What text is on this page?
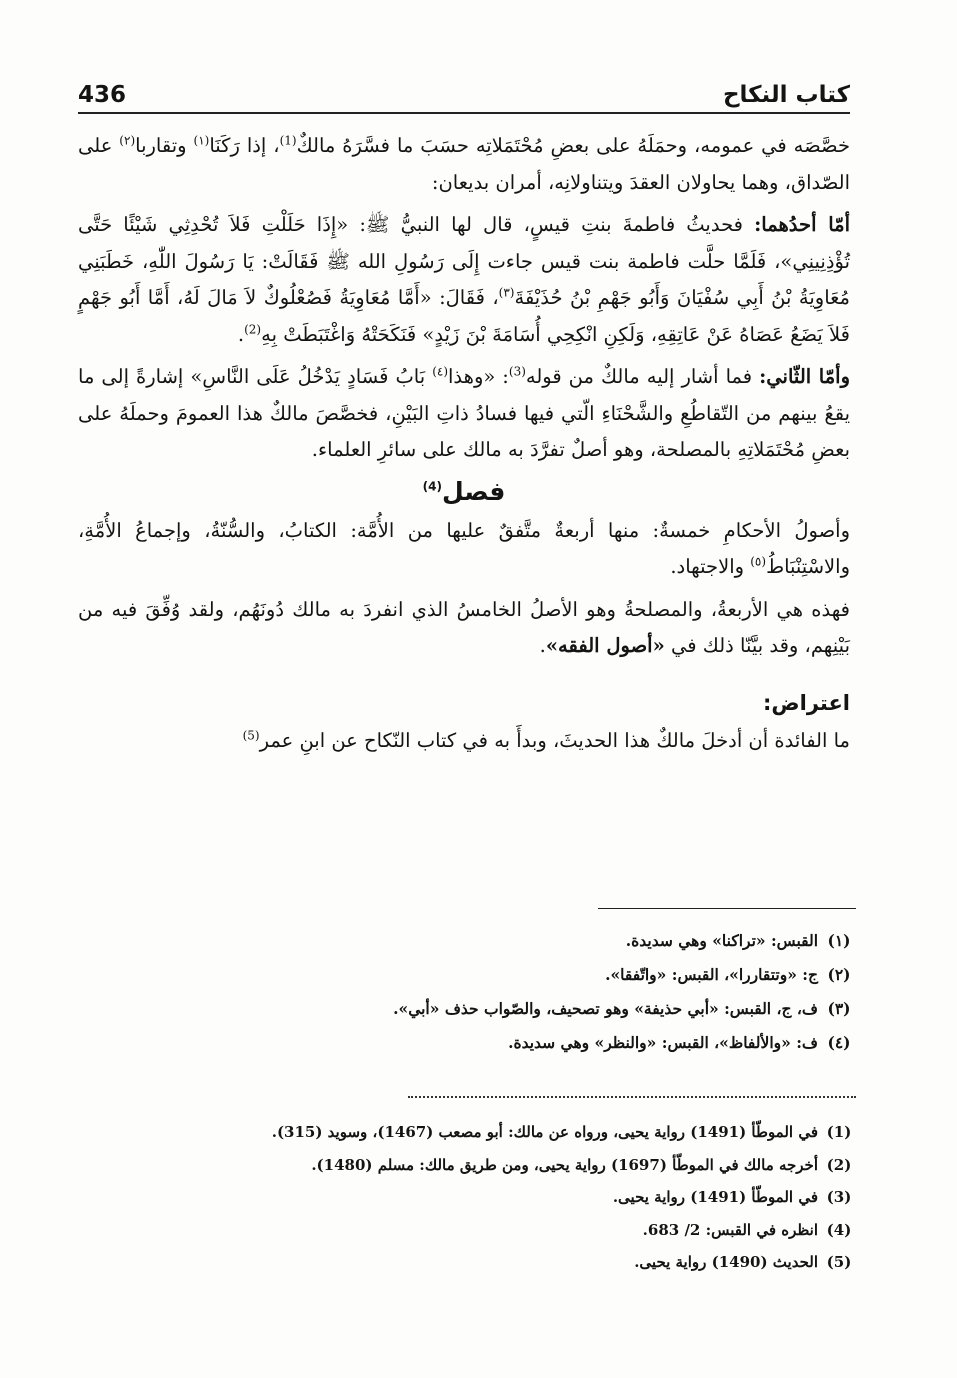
كتاب النكاح
436

خصَّصَه في عمومه، وحمَلَهُ على بعضِ مُحْتَمَلاتِه حسَبَ ما فسَّرَهُ مالكٌ$^{(1)}$، إذا رَكَنَا$^{(١)}$ وتقاربا$^{(٢)}$ على الصّداق، وهما يحاولان العقدَ ويتناولانِه، أمران بديعان:

أمّا أحدُهما: فحديثُ فاطمةَ بنتِ قيسٍ، قال لها النبيُّ ﷺ: «إِذَا حَلَلْتِ فَلاَ تُحْدِثِي شَيْئًا حَتَّى تُؤْذِنِينِي»، فَلَمَّا حلَّت فاطمة بنت قيس جاءت إِلَى رَسُولِ الله ﷺ فَقَالَتْ: يَا رَسُولَ اللّٰهِ، خَطَبَنِي مُعَاوِيَةُ بْنُ أَبِي سُفْيَانَ وَأَبُو جَهْمِ بْنُ حُذَيْفَةَ$^{(٣)}$، فَقَالَ: «أَمَّا مُعَاوِيَةُ فَصُعْلُوكٌ لاَ مَالَ لَهُ، أَمَّا أَبُو جَهْمٍ فَلاَ يَضَعُ عَصَاهُ عَنْ عَاتِقِهِ، وَلَكِنِ انْكِحِي أُسَامَةَ بْنَ زَيْدٍ» فَنَكَحَتْهُ وَاغْتَبَطَتْ بِهِ$^{(2)}$.

وأمّا الثّاني: فما أشار إليه مالكٌ من قوله$^{(3)}$: «وهذا$^{(٤)}$ بَابُ فَسَادٍ يَدْخُلُ عَلَى النَّاسِ» إشارةً إلى ما يقعُ بينهم من التّقاطُعِ والشَّحْنَاءِ الّتي فيها فسادُ ذاتِ البَيْنِ، فخصَّصَ مالكٌ هذا العمومَ وحملَهُ على بعضِ مُحْتَمَلاتِهِ بالمصلحة، وهو أصلٌ تفرَّدَ به مالك على سائرِ العلماء.

فصل$^{(4)}$

وأصولُ الأحكامِ خمسةٌ: منها أربعةٌ متَّفقٌ عليها من الأُمَّة: الكتابُ، والسُّنّةُ، وإجماعُ الأُمَّةِ، والاسْتِنْبَاطُ$^{(٥)}$ والاجتهاد.

فهذه هي الأربعةُ، والمصلحةُ وهو الأصلُ الخامسُ الذي انفردَ به مالك دُونَهُم، ولقد وُفِّقَ فيه من بَيْنِهم، وقد بيَّنّا ذلك في «أصول الفقه».

اعتراض:

ما الفائدة أن أدخلَ مالكٌ هذا الحديثَ، وبدأَ به في كتاب النّكاح عن ابنِ عمر$^{(5)}$

(١)
القبس: «تراكنا» وهي سديدة.
(٢)
ج: «وتتقاررا»، القبس: «واتّفقا».
(٣)
ف، ج، القبس: «أبي حذيفة» وهو تصحيف، والصّواب حذف «أبي».
(٤)
ف: «والألفاظ»، القبس: «والنظر» وهي سديدة.
(1)
في الموطّأ (1491) رواية يحيى، ورواه عن مالك: أبو مصعب (1467)، وسويد (315).
(2)
أخرجه مالك في الموطّأ (1697) رواية يحيى، ومن طريق مالك: مسلم (1480).
(3)
في الموطّأ (1491) رواية يحيى.
(4)
انظره في القبس: 2/ 683.
(5)
الحديث (1490) رواية يحيى.
